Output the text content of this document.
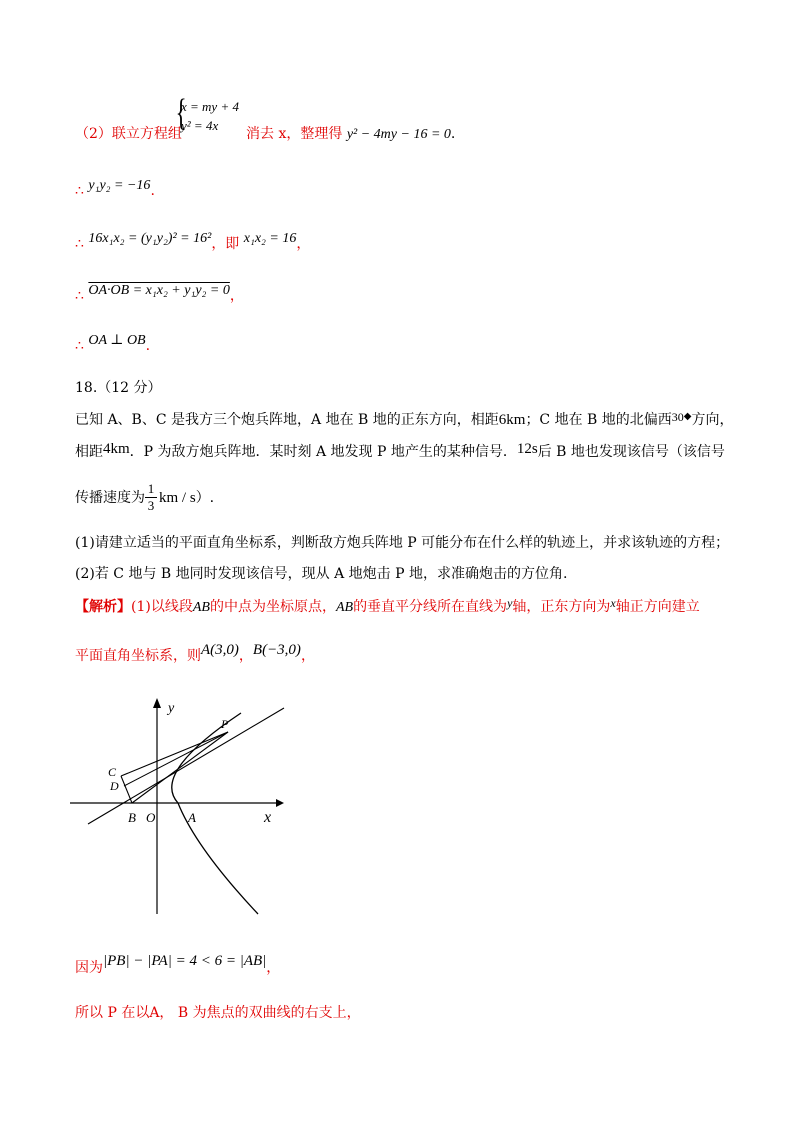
（2）联立方程组
{
x = my + 4
y² = 4x
消去 x，整理得 y² − 4my − 16 = 0.
∴ y₁y₂ = −16.
∴ 16x₁x₂ = (y₁y₂)² = 16²，即 x₁x₂ = 16，
∴ OA·OB = x₁x₂ + y₁y₂ = 0，
∴ OA ⊥ OB.
18.（12 分）
已知 A、B、C 是我方三个炮兵阵地，A 地在 B 地的正东方向，相距6km；C 地在 B 地的北偏西30◆方向，
相距4km．P 为敌方炮兵阵地．某时刻 A 地发现 P 地产生的某种信号．12s后 B 地也发现该信号（该信号
传播速度为 km / s）.
$\frac{1}{3}$
(1)请建立适当的平面直角坐标系，判断敌方炮兵阵地 P 可能分布在什么样的轨迹上，并求该轨迹的方程；
(2)若 C 地与 B 地同时发现该信号，现从 A 地炮击 P 地，求准确炮击的方位角.
【解析】(1)以线段AB的中点为坐标原点，AB的垂直平分线所在直线为y轴，正东方向为x轴正方向建立
平面直角坐标系，则A(3,0)，B(−3,0)，
y
x
P
C
D
B O	A
因为|PB| − |PA| = 4 < 6 = |AB|，
所以 P 在以A， B 为焦点的双曲线的右支上，
